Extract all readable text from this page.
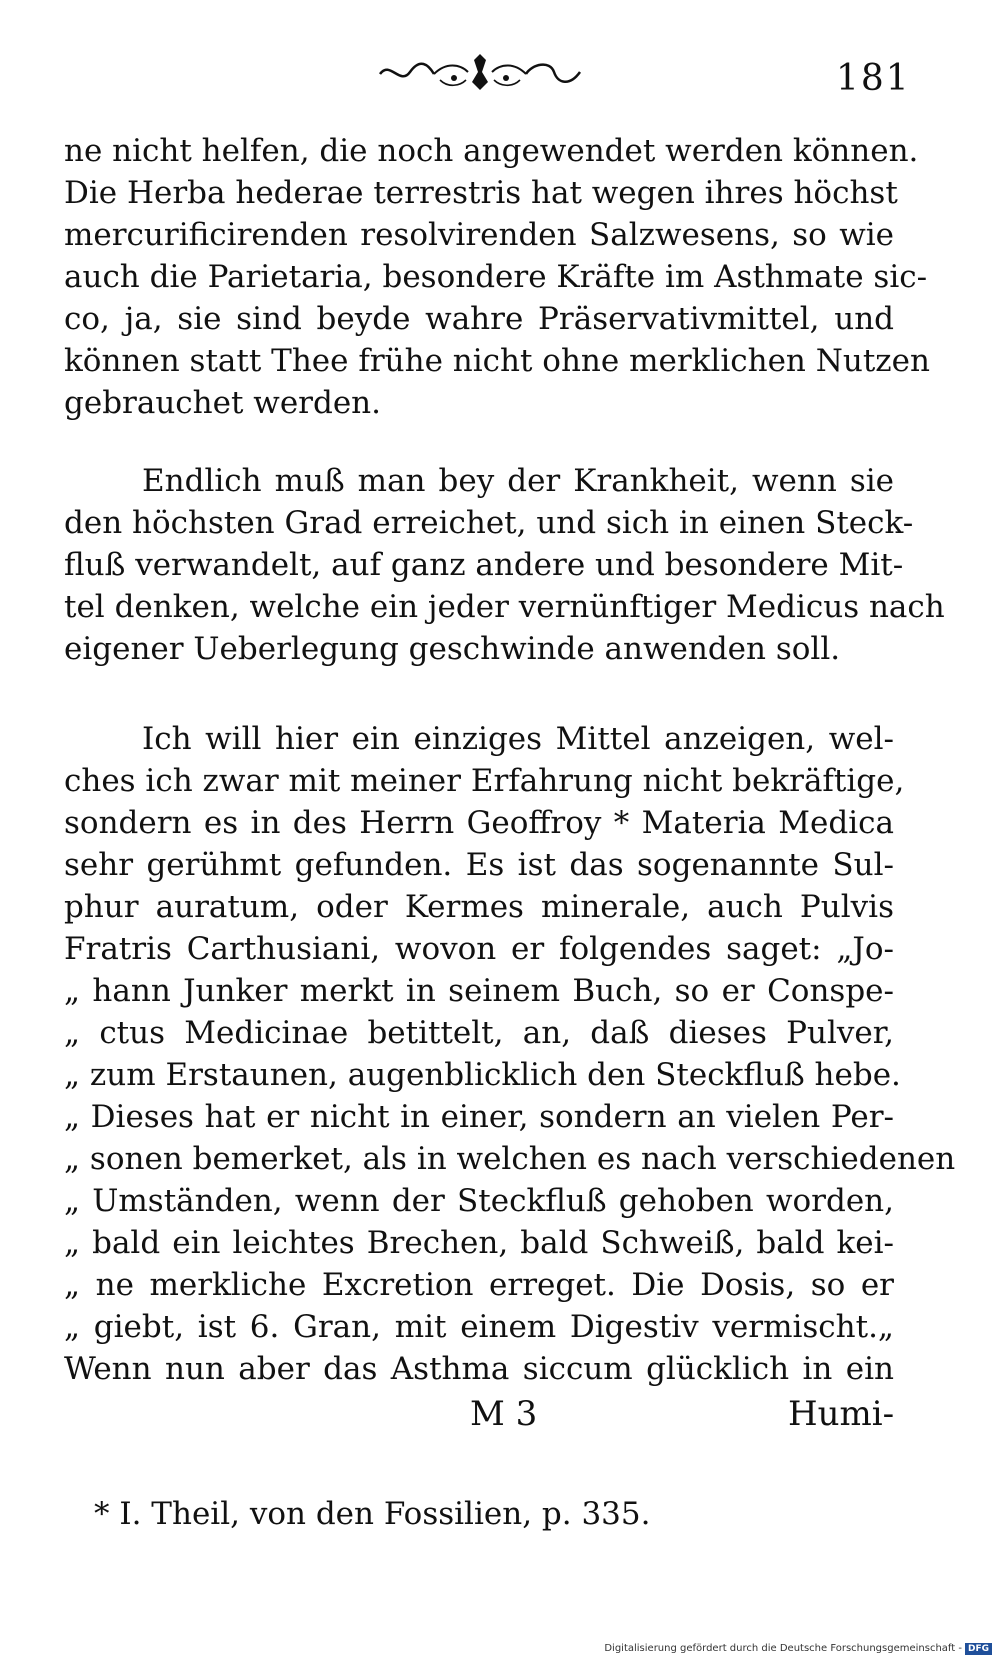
181
ne nicht helfen, die noch angewendet werden können.
Die Herba hederae terrestris hat wegen ihres höchst
mercurificirenden resolvirenden Salzwesens, so wie
auch die Parietaria, besondere Kräfte im Asthmate sic-
co, ja, sie sind beyde wahre Präservativmittel, und
können statt Thee frühe nicht ohne merklichen Nutzen
gebrauchet werden.
Endlich muß man bey der Krankheit, wenn sie
den höchsten Grad erreichet, und sich in einen Steck-
fluß verwandelt, auf ganz andere und besondere Mit-
tel denken, welche ein jeder vernünftiger Medicus nach
eigener Ueberlegung geschwinde anwenden soll.
Ich will hier ein einziges Mittel anzeigen, wel-
ches ich zwar mit meiner Erfahrung nicht bekräftige,
sondern es in des Herrn Geoffroy * Materia Medica
sehr gerühmt gefunden. Es ist das sogenannte Sul-
phur auratum, oder Kermes minerale, auch Pulvis
Fratris Carthusiani, wovon er folgendes saget: „Jo-
„ hann Junker merkt in seinem Buch, so er Conspe-
„ ctus Medicinae betittelt, an, daß dieses Pulver,
„ zum Erstaunen, augenblicklich den Steckfluß hebe.
„ Dieses hat er nicht in einer, sondern an vielen Per-
„ sonen bemerket, als in welchen es nach verschiedenen
„ Umständen, wenn der Steckfluß gehoben worden,
„ bald ein leichtes Brechen, bald Schweiß, bald kei-
„ ne merkliche Excretion erreget. Die Dosis, so er
„ giebt, ist 6. Gran, mit einem Digestiv vermischt.„
Wenn nun aber das Asthma siccum glücklich in ein
M 3	Humi-
* I. Theil, von den Fossilien, p. 335.
Digitalisierung gefördert durch die Deutsche Forschungsgemeinschaft - DFG
